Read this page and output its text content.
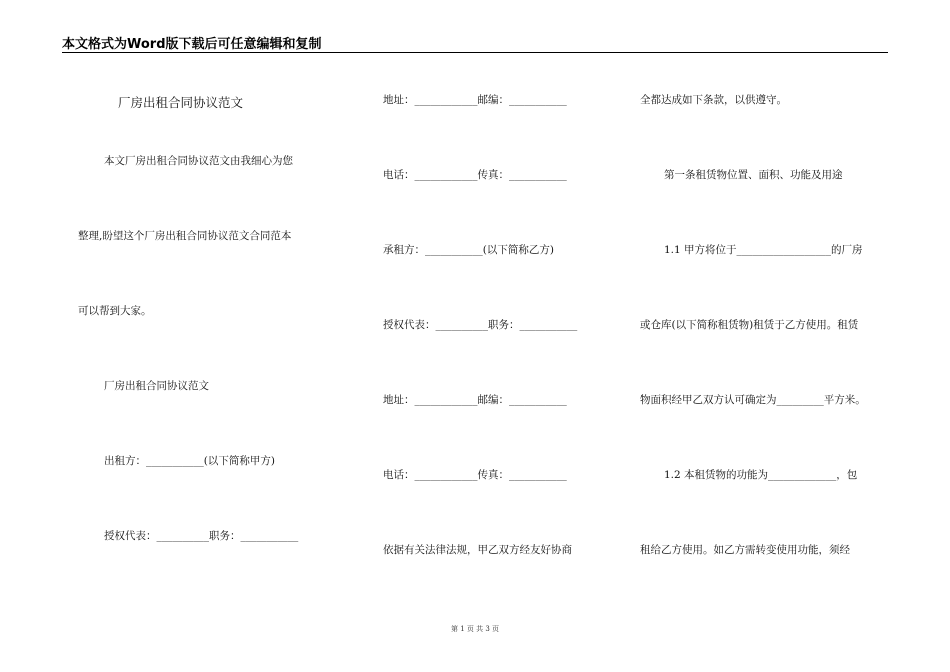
本文格式为Word版下载后可任意编辑和复制
厂房出租合同协议范文
本文厂房出租合同协议范文由我细心为您
整理,盼望这个厂房出租合同协议范文合同范本
可以帮到大家。
厂房出租合同协议范文
出租方：___________(以下简称甲方)
授权代表：__________职务：___________
地址：____________邮编：___________
电话：____________传真：___________
承租方：___________(以下简称乙方)
授权代表：__________职务：___________
地址：____________邮编：___________
电话：____________传真：___________
依据有关法律法规，甲乙双方经友好协商
全都达成如下条款，以供遵守。
第一条租赁物位置、面积、功能及用途
1.1 甲方将位于__________________的厂房
或仓库(以下简称租赁物)租赁于乙方使用。租赁
物面积经甲乙双方认可确定为_________平方米。
1.2 本租赁物的功能为_____________，包
租给乙方使用。如乙方需转变使用功能，须经
第 1 页 共 3 页
